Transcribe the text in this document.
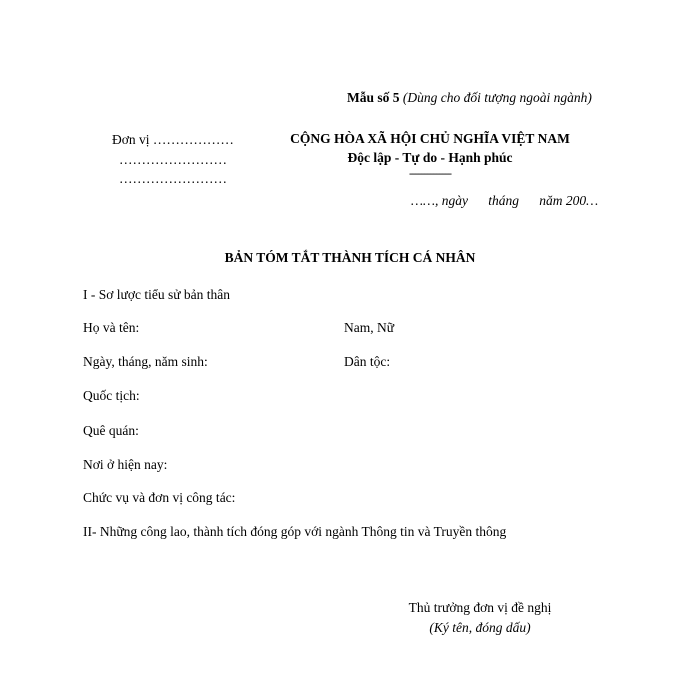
Mẫu số 5 (Dùng cho đối tượng ngoài ngành)
Đơn vị ………………
……………………
……………………
CỘNG HÒA XÃ HỘI CHỦ NGHĨA VIỆT NAM
Độc lập - Tự do - Hạnh phúc
--------------
……, ngày      tháng      năm 200…
BẢN TÓM TẮT THÀNH TÍCH CÁ NHÂN
I - Sơ lược tiểu sử bản thân
Họ và tên:	Nam, Nữ
Ngày, tháng, năm sinh:	Dân tộc:
Quốc tịch:
Quê quán:
Nơi ở hiện nay:
Chức vụ và đơn vị công tác:
II- Những công lao, thành tích đóng góp với ngành Thông tin và Truyền thông
Thủ trưởng đơn vị đề nghị
(Ký tên, đóng dấu)
